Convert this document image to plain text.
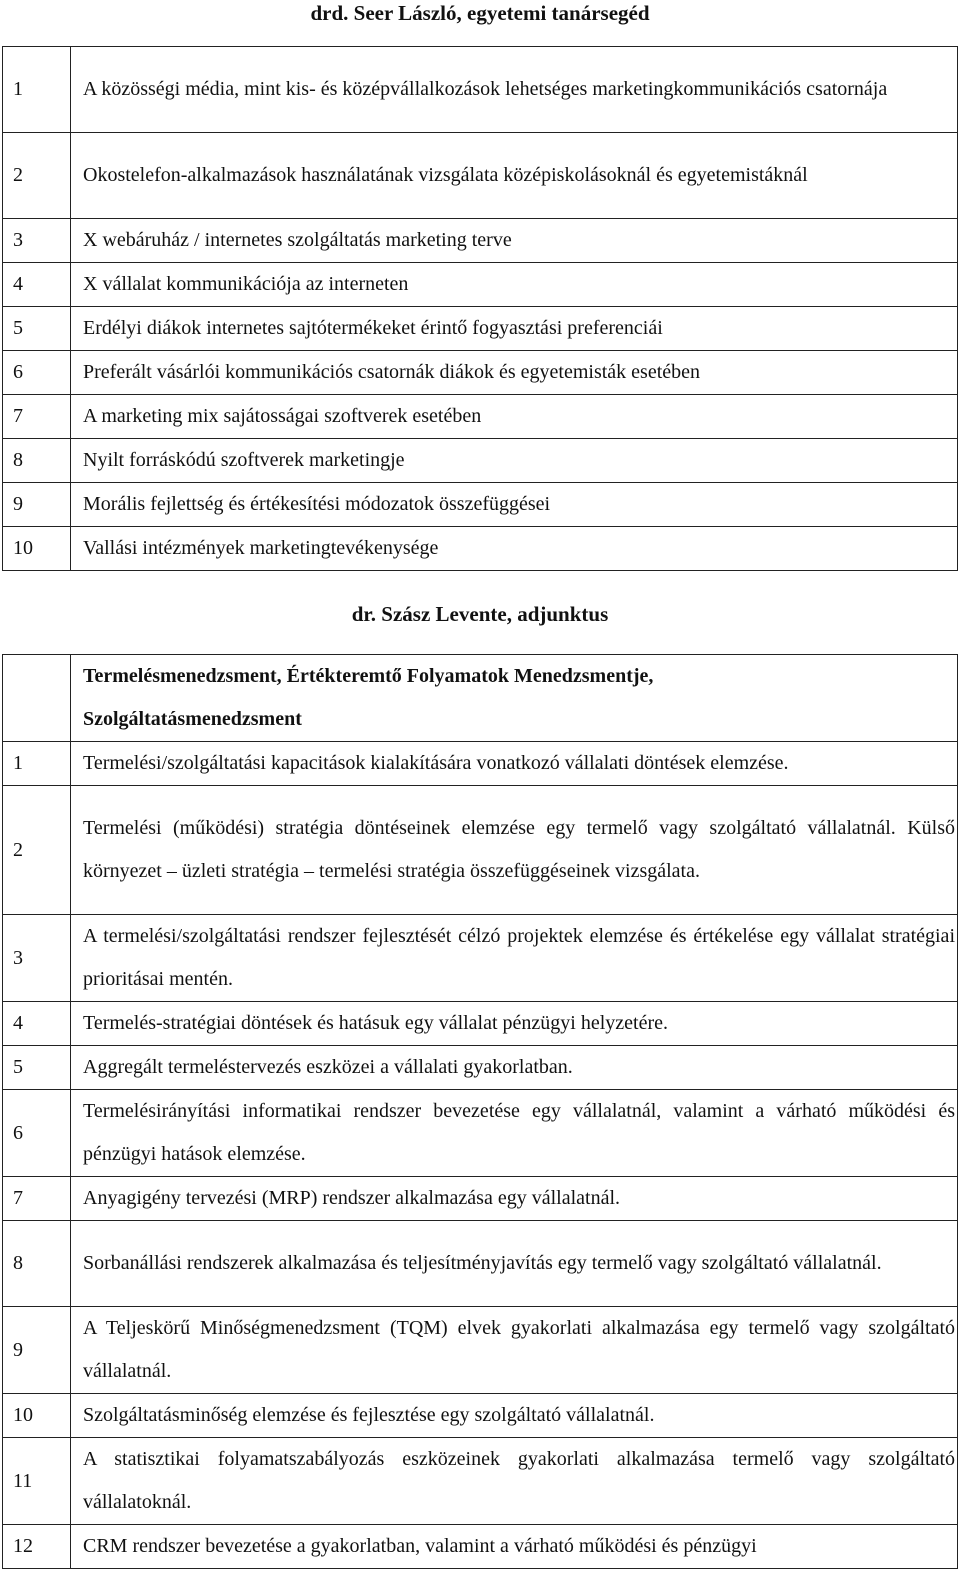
drd. Seer László, egyetemi tanársegéd
1	A közösségi média, mint kis- és középvállalkozások lehetséges marketingkommunikációs csatornája
2	Okostelefon-alkalmazások használatának vizsgálata középiskolásoknál és egyetemistáknál
3	X webáruház / internetes szolgáltatás marketing terve
4	X vállalat kommunikációja az interneten
5	Erdélyi diákok internetes sajtótermékeket érintő fogyasztási preferenciái
6	Preferált vásárlói kommunikációs csatornák diákok és egyetemisták esetében
7	A marketing mix sajátosságai szoftverek esetében
8	Nyilt forráskódú szoftverek marketingje
9	Morális fejlettség és értékesítési módozatok összefüggései
10	Vallási intézmények marketingtevékenysége
dr. Szász Levente, adjunktus
	Termelésmenedzsment, Értékteremtő Folyamatok Menedzsmentje,
Szolgáltatásmenedzsment
1	Termelési/szolgáltatási kapacitások kialakítására vonatkozó vállalati döntések elemzése.
2	Termelési (működési) stratégia döntéseinek elemzése egy termelő vagy szolgáltató vállalatnál. Külső környezet – üzleti stratégia – termelési stratégia összefüggéseinek vizsgálata.
3	A termelési/szolgáltatási rendszer fejlesztését célzó projektek elemzése és értékelése egy vállalat stratégiai prioritásai mentén.
4	Termelés-stratégiai döntések és hatásuk egy vállalat pénzügyi helyzetére.
5	Aggregált termeléstervezés eszközei a vállalati gyakorlatban.
6	Termelésirányítási informatikai rendszer bevezetése egy vállalatnál, valamint a várható működési és pénzügyi hatások elemzése.
7	Anyagigény tervezési (MRP) rendszer alkalmazása egy vállalatnál.
8	Sorbanállási rendszerek alkalmazása és teljesítményjavítás egy termelő vagy szolgáltató vállalatnál.
9	A Teljeskörű Minőségmenedzsment (TQM) elvek gyakorlati alkalmazása egy termelő vagy szolgáltató vállalatnál.
10	Szolgáltatásminőség elemzése és fejlesztése egy szolgáltató vállalatnál.
11	A statisztikai folyamatszabályozás eszközeinek gyakorlati alkalmazása termelő vagy szolgáltató vállalatoknál.
12	CRM rendszer bevezetése a gyakorlatban, valamint a várható működési és pénzügyi
